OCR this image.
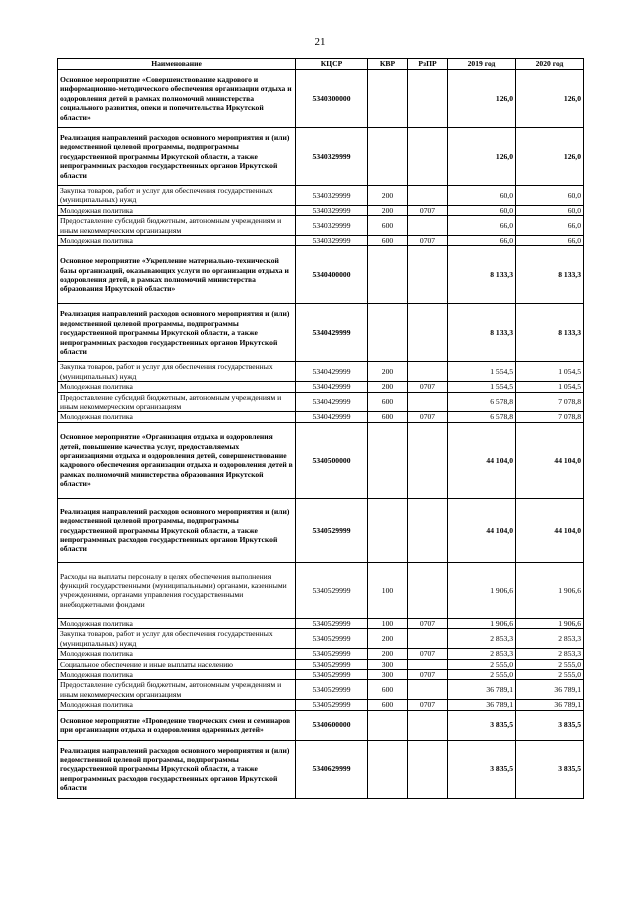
21
Наименование	КЦСР	КВР	РзПР	2019 год	2020 год
Основное мероприятие «Совершенствование кадрового и информационно-методического обеспечения организации отдыха и оздоровления детей в рамках полномочий министерства социального развития, опеки и попечительства Иркутской области»	5340300000			126,0	126,0
Реализация направлений расходов основного мероприятия и (или) ведомственной целевой программы, подпрограммы государственной программы Иркутской области, а также непрограммных расходов государственных органов Иркутской области	5340329999			126,0	126,0
Закупка товаров, работ и услуг для обеспечения государственных (муниципальных) нужд	5340329999	200		60,0	60,0
Молодежная политика	5340329999	200	0707	60,0	60,0
Предоставление субсидий бюджетным, автономным учреждениям и иным некоммерческим организациям	5340329999	600		66,0	66,0
Молодежная политика	5340329999	600	0707	66,0	66,0
Основное мероприятие «Укрепление материально-технической базы организаций, оказывающих услуги по организации отдыха и оздоровления детей, в рамках полномочий министерства образования Иркутской области»	5340400000			8 133,3	8 133,3
Реализация направлений расходов основного мероприятия и (или) ведомственной целевой программы, подпрограммы государственной программы Иркутской области, а также непрограммных расходов государственных органов Иркутской области	5340429999			8 133,3	8 133,3
Закупка товаров, работ и услуг для обеспечения государственных (муниципальных) нужд	5340429999	200		1 554,5	1 054,5
Молодежная политика	5340429999	200	0707	1 554,5	1 054,5
Предоставление субсидий бюджетным, автономным учреждениям и иным некоммерческим организациям	5340429999	600		6 578,8	7 078,8
Молодежная политика	5340429999	600	0707	6 578,8	7 078,8
Основное мероприятие «Организация отдыха и оздоровления детей, повышение качества услуг, предоставляемых организациями отдыха и оздоровления детей, совершенствование кадрового обеспечения организации отдыха и оздоровления детей в рамках полномочий министерства образования Иркутской области»	5340500000			44 104,0	44 104,0
Реализация направлений расходов основного мероприятия и (или) ведомственной целевой программы, подпрограммы государственной программы Иркутской области, а также непрограммных расходов государственных органов Иркутской области	5340529999			44 104,0	44 104,0
Расходы на выплаты персоналу в целях обеспечения выполнения функций государственными (муниципальными) органами, казенными учреждениями, органами управления государственными внебюджетными фондами	5340529999	100		1 906,6	1 906,6
Молодежная политика	5340529999	100	0707	1 906,6	1 906,6
Закупка товаров, работ и услуг для обеспечения государственных (муниципальных) нужд	5340529999	200		2 853,3	2 853,3
Молодежная политика	5340529999	200	0707	2 853,3	2 853,3
Социальное обеспечение и иные выплаты населению	5340529999	300		2 555,0	2 555,0
Молодежная политика	5340529999	300	0707	2 555,0	2 555,0
Предоставление субсидий бюджетным, автономным учреждениям и иным некоммерческим организациям	5340529999	600		36 789,1	36 789,1
Молодежная политика	5340529999	600	0707	36 789,1	36 789,1
Основное мероприятие «Проведение творческих смен и семинаров при организации отдыха и оздоровления одаренных детей»	5340600000			3 835,5	3 835,5
Реализация направлений расходов основного мероприятия и (или) ведомственной целевой программы, подпрограммы государственной программы Иркутской области, а также непрограммных расходов государственных органов Иркутской области	5340629999			3 835,5	3 835,5
